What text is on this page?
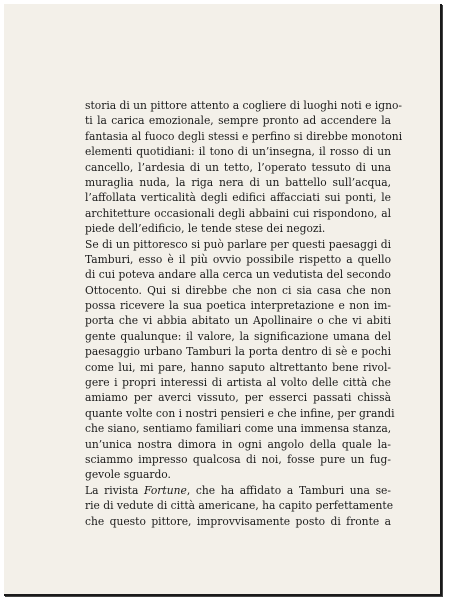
storia di un pittore attento a cogliere di luoghi noti e igno-
ti la carica emozionale, sempre pronto ad accendere la
fantasia al fuoco degli stessi e perfino si direbbe monotoni
elementi quotidiani: il tono di un’insegna, il rosso di un
cancello, l’ardesia di un tetto, l’operato tessuto di una
muraglia nuda, la riga nera di un battello sull’acqua,
l’affollata verticalità degli edifici affacciati sui ponti, le
architetture occasionali degli abbaini cui rispondono, al
piede dell’edificio, le tende stese dei negozi.
Se di un pittoresco si può parlare per questi paesaggi di
Tamburi, esso è il più ovvio possibile rispetto a quello
di cui poteva andare alla cerca un vedutista del secondo
Ottocento. Qui si direbbe che non ci sia casa che non
possa ricevere la sua poetica interpretazione e non im-
porta che vi abbia abitato un Apollinaire o che vi abiti
gente qualunque: il valore, la significazione umana del
paesaggio urbano Tamburi la porta dentro di sè e pochi
come lui, mi pare, hanno saputo altrettanto bene rivol-
gere i propri interessi di artista al volto delle città che
amiamo per averci vissuto, per esserci passati chissà
quante volte con i nostri pensieri e che infine, per grandi
che siano, sentiamo familiari come una immensa stanza,
un’unica nostra dimora in ogni angolo della quale la-
sciammo impresso qualcosa di noi, fosse pure un fug-
gevole sguardo.
La rivista Fortune, che ha affidato a Tamburi una se-
rie di vedute di città americane, ha capito perfettamente
che questo pittore, improvvisamente posto di fronte a
